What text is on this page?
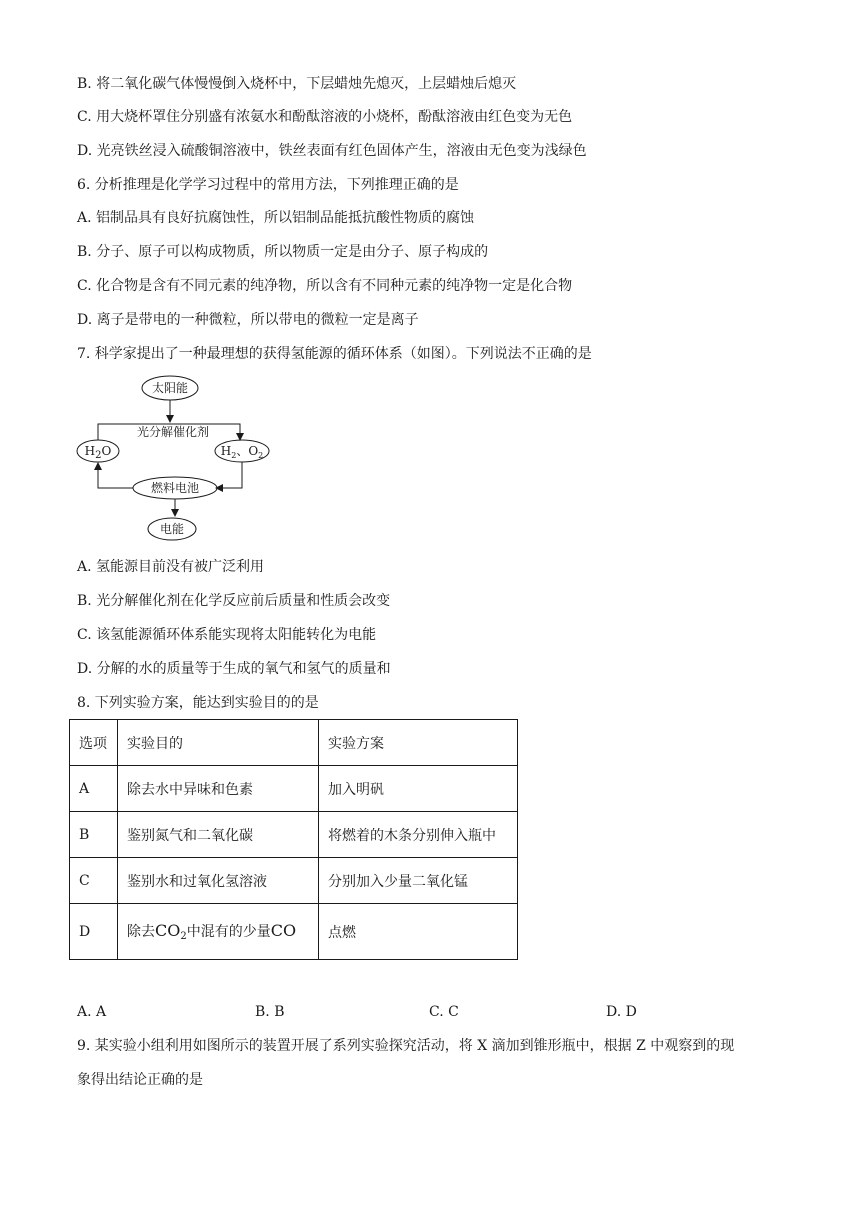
B. 将二氧化碳气体慢慢倒入烧杯中，下层蜡烛先熄灭，上层蜡烛后熄灭
C. 用大烧杯罩住分别盛有浓氨水和酚酞溶液的小烧杯，酚酞溶液由红色变为无色
D. 光亮铁丝浸入硫酸铜溶液中，铁丝表面有红色固体产生，溶液由无色变为浅绿色
6. 分析推理是化学学习过程中的常用方法，下列推理正确的是
A. 铝制品具有良好抗腐蚀性，所以铝制品能抵抗酸性物质的腐蚀
B. 分子、原子可以构成物质，所以物质一定是由分子、原子构成的
C. 化合物是含有不同元素的纯净物，所以含有不同种元素的纯净物一定是化合物
D. 离子是带电的一种微粒，所以带电的微粒一定是离子
7. 科学家提出了一种最理想的获得氢能源的循环体系（如图）。下列说法不正确的是
太阳能
光分解催化剂
$H_2O$	$H_2$、$O_2$
燃料电池
电能
A. 氢能源目前没有被广泛利用
B. 光分解催化剂在化学反应前后质量和性质会改变
C. 该氢能源循环体系能实现将太阳能转化为电能
D. 分解的水的质量等于生成的氧气和氢气的质量和
8. 下列实验方案，能达到实验目的的是
选项	实验目的	实验方案
A	除去水中异味和色素	加入明矾
B	鉴别氮气和二氧化碳	将燃着的木条分别伸入瓶中
C	鉴别水和过氧化氢溶液	分别加入少量二氧化锰
D	除去$CO_2$中混有的少量CO	点燃
A. A	B. B	C. C	D. D
9. 某实验小组利用如图所示的装置开展了系列实验探究活动，将 X 滴加到锥形瓶中，根据 Z 中观察到的现
象得出结论正确的是
